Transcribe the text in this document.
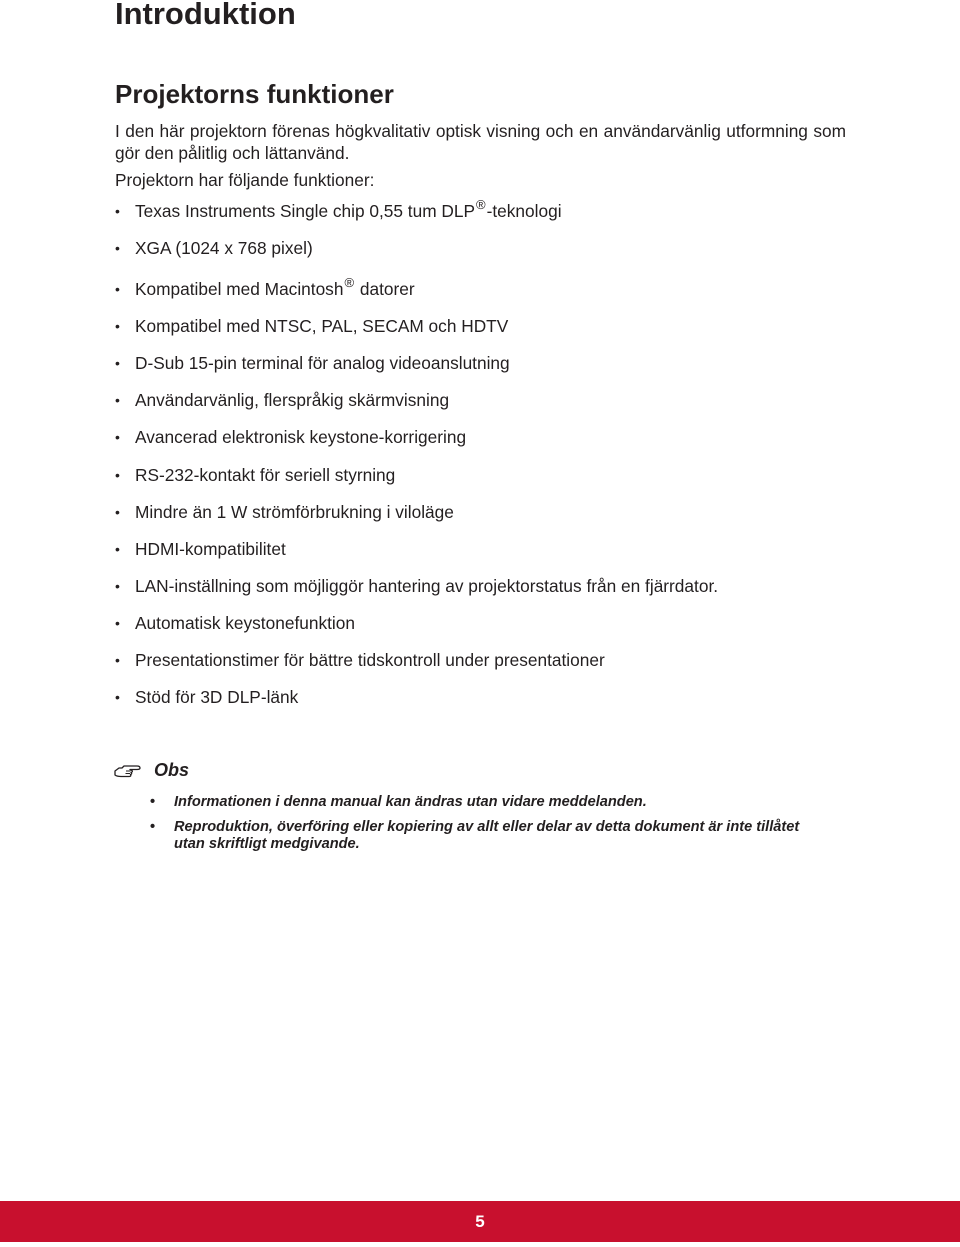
Introduktion
Projektorns funktioner

I den här projektorn förenas högkvalitativ optisk visning och en användarvänlig utformning som gör den pålitlig och lättanvänd.

Projektorn har följande funktioner:

• Texas Instruments Single chip 0,55 tum DLP®-teknologi
• XGA (1024 x 768 pixel)
• Kompatibel med Macintosh® datorer
• Kompatibel med NTSC, PAL, SECAM och HDTV
• D-Sub 15-pin terminal för analog videoanslutning
• Användarvänlig, flerspråkig skärmvisning
• Avancerad elektronisk keystone-korrigering
• RS-232-kontakt för seriell styrning
• Mindre än 1 W strömförbrukning i viloläge
• HDMI-kompatibilitet
• LAN-inställning som möjliggör hantering av projektorstatus från en fjärrdator.
• Automatisk keystonefunktion
• Presentationstimer för bättre tidskontroll under presentationer
• Stöd för 3D DLP-länk

Obs

• Informationen i denna manual kan ändras utan vidare meddelanden.
• Reproduktion, överföring eller kopiering av allt eller delar av detta dokument är inte tillåtet utan skriftligt medgivande.
5
